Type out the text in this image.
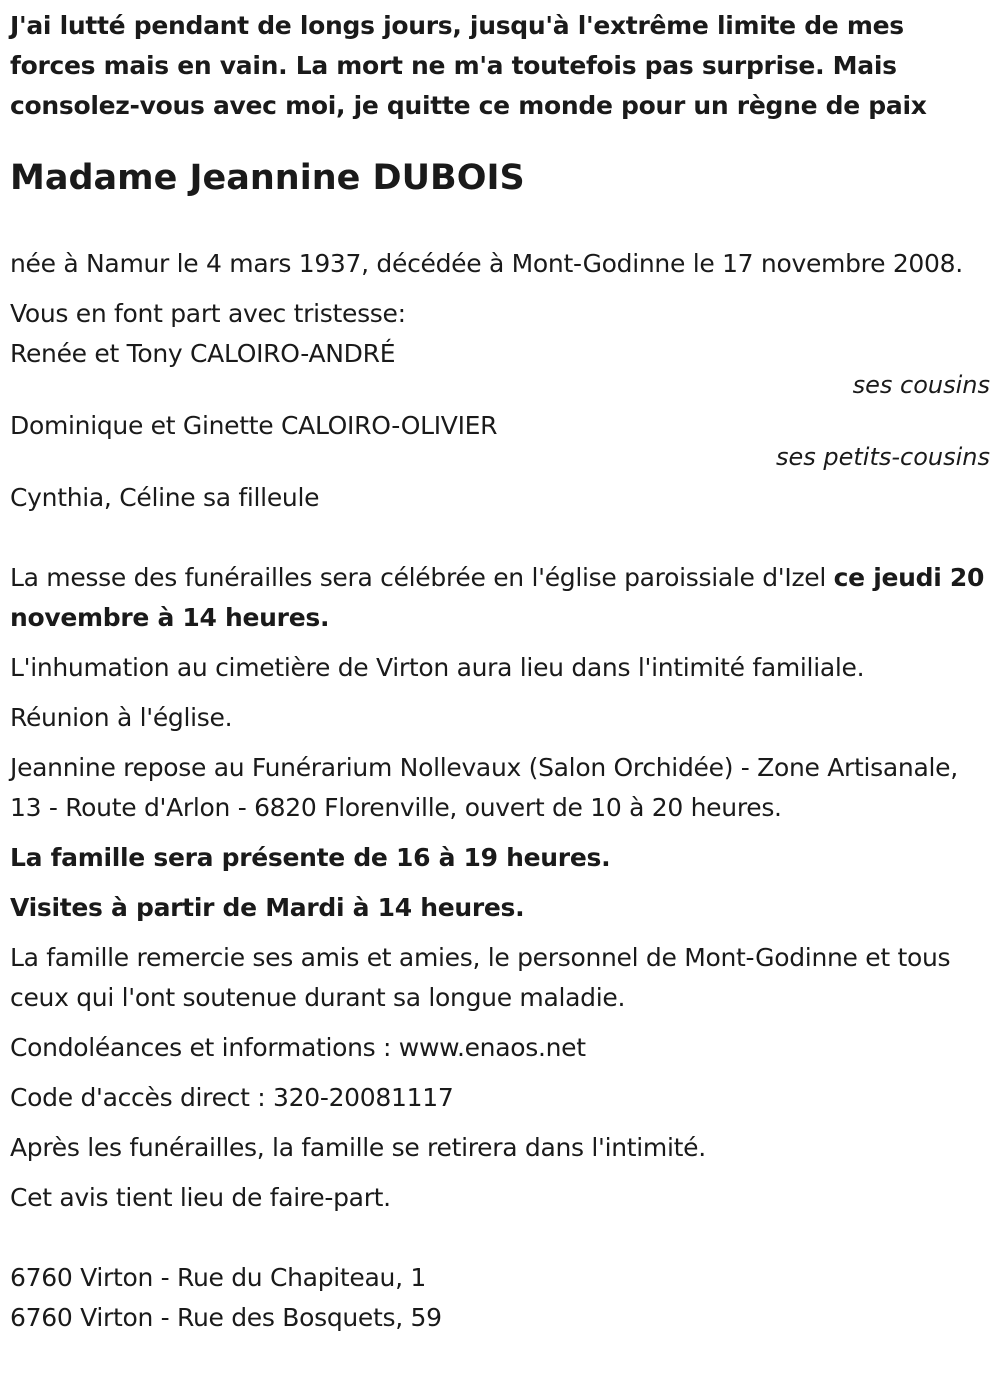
J'ai lutté pendant de longs jours, jusqu'à l'extrême limite de mes forces mais en vain. La mort ne m'a toutefois pas surprise. Mais consolez-vous avec moi, je quitte ce monde pour un règne de paix

Madame Jeannine DUBOIS

née à Namur le 4 mars 1937, décédée à Mont-Godinne le 17 novembre 2008.

Vous en font part avec tristesse:

Renée et Tony CALOIRO-ANDRÉ

ses cousins

Dominique et Ginette CALOIRO-OLIVIER

ses petits-cousins

Cynthia, Céline sa filleule

La messe des funérailles sera célébrée en l'église paroissiale d'Izel ce jeudi 20 novembre à 14 heures.

L'inhumation au cimetière de Virton aura lieu dans l'intimité familiale.

Réunion à l'église.

Jeannine repose au Funérarium Nollevaux (Salon Orchidée) - Zone Artisanale, 13 - Route d'Arlon - 6820 Florenville, ouvert de 10 à 20 heures.

La famille sera présente de 16 à 19 heures.

Visites à partir de Mardi à 14 heures.

La famille remercie ses amis et amies, le personnel de Mont-Godinne et tous ceux qui l'ont soutenue durant sa longue maladie.

Condoléances et informations : www.enaos.net

Code d'accès direct : 320-20081117

Après les funérailles, la famille se retirera dans l'intimité.

Cet avis tient lieu de faire-part.

6760 Virton - Rue du Chapiteau, 1

6760 Virton - Rue des Bosquets, 59
